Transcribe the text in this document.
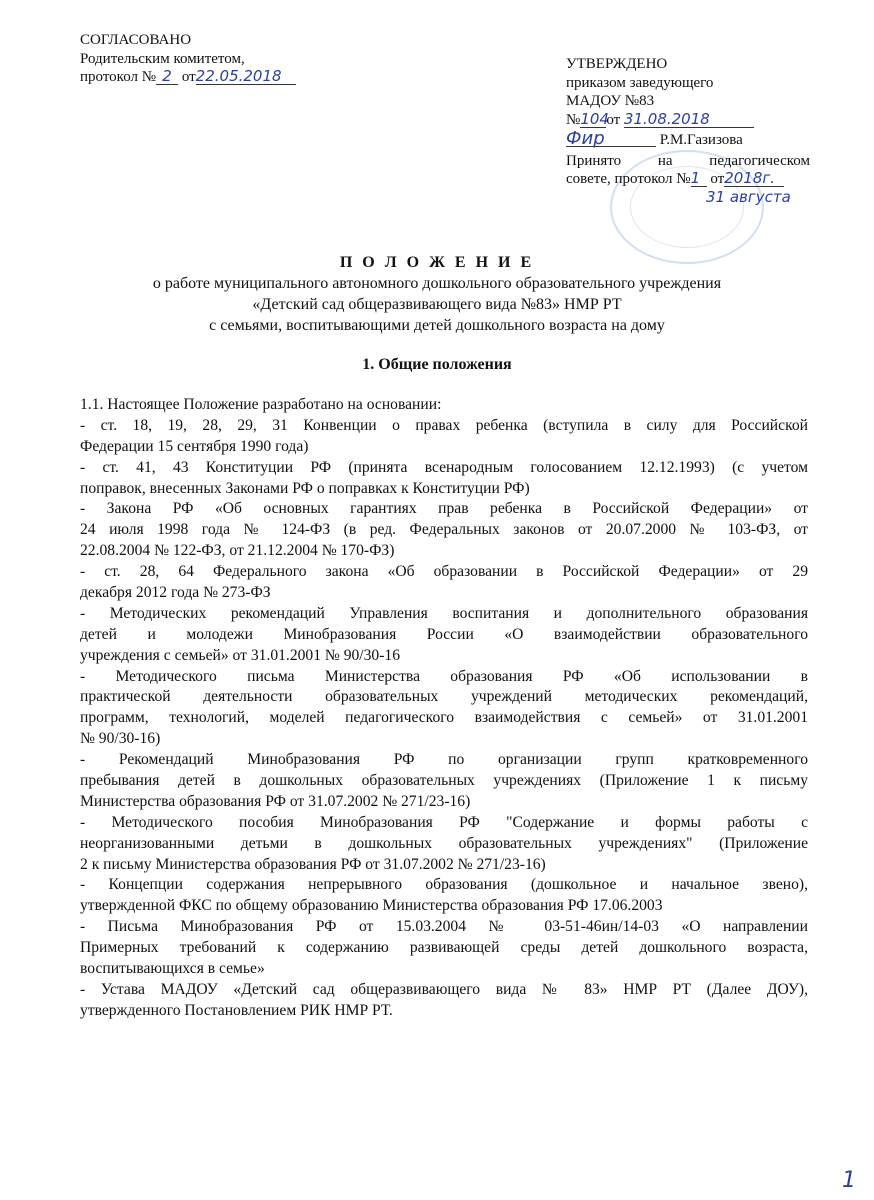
СОГЛАСОВАНО
Родительским комитетом,
протокол № 2 от22.05.2018
УТВЕРЖДЕНО
приказом заведующего
МАДОУ №83
№104от 31.08.2018
Фир	Р.М.Газизова
Принято на педагогическом
совете, протокол №1 от2018г.
31 августа
П О Л О Ж Е Н И Е
о работе муниципального автономного дошкольного образовательного учреждения
«Детский сад общеразвивающего вида №83» НМР РТ
с семьями, воспитывающими детей дошкольного возраста на дому
1. Общие положения
1.1. Настоящее Положение разработано на основании:
- ст. 18, 19, 28, 29, 31 Конвенции о правах ребенка (вступила в силу для Российской
Федерации 15 сентября 1990 года)
- ст. 41, 43 Конституции РФ (принята всенародным голосованием 12.12.1993) (с учетом
поправок, внесенных Законами РФ о поправках к Конституции РФ)
- Закона РФ «Об основных гарантиях прав ребенка в Российской Федерации» от
24 июля 1998 года № 124-ФЗ (в ред. Федеральных законов от 20.07.2000 № 103-ФЗ, от
22.08.2004 № 122-ФЗ, от 21.12.2004 № 170-ФЗ)
- ст. 28, 64 Федерального закона «Об образовании в Российской Федерации» от 29
декабря 2012 года № 273-ФЗ
- Методических рекомендаций Управления воспитания и дополнительного образования
детей и молодежи Минобразования России «О взаимодействии образовательного
учреждения с семьей» от 31.01.2001 № 90/30-16
- Методического письма Министерства образования РФ «Об использовании в
практической деятельности образовательных учреждений методических рекомендаций,
программ, технологий, моделей педагогического взаимодействия с семьей» от 31.01.2001
№ 90/30-16)
- Рекомендаций Минобразования РФ по организации групп кратковременного
пребывания детей в дошкольных образовательных учреждениях (Приложение 1 к письму
Министерства образования РФ от 31.07.2002 № 271/23-16)
- Методического пособия Минобразования РФ "Содержание и формы работы с
неорганизованными детьми в дошкольных образовательных учреждениях" (Приложение
2 к письму Министерства образования РФ от 31.07.2002 № 271/23-16)
- Концепции содержания непрерывного образования (дошкольное и начальное звено),
утвержденной ФКС по общему образованию Министерства образования РФ 17.06.2003
- Письма Минобразования РФ от 15.03.2004 № 03-51-46ин/14-03 «О направлении
Примерных требований к содержанию развивающей среды детей дошкольного возраста,
воспитывающихся в семье»
- Устава МАДОУ «Детский сад общеразвивающего вида № 83» НМР РТ (Далее ДОУ),
утвержденного Постановлением РИК НМР РТ.
1
